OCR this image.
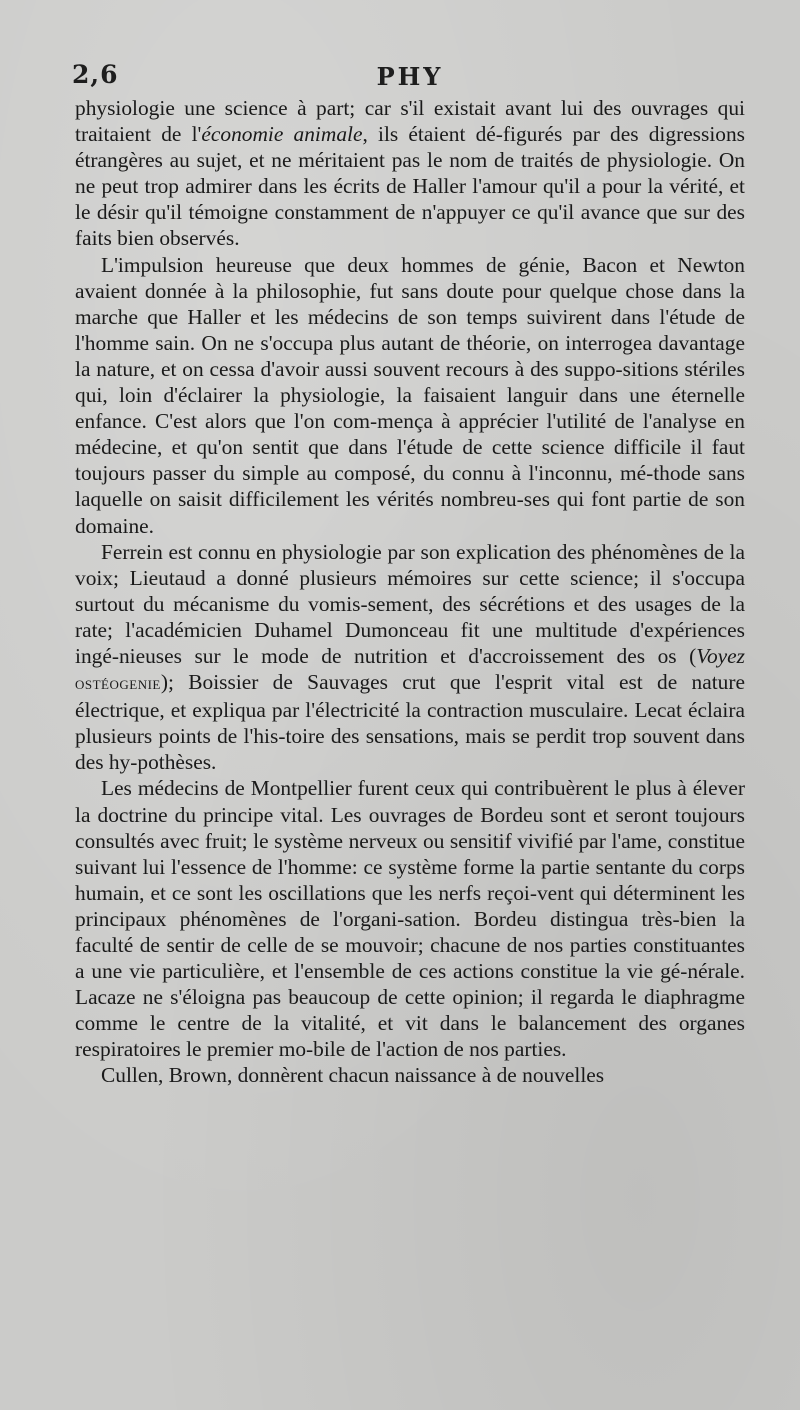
2,6	PHY

physiologie une science à part; car s'il existait avant lui des ouvrages qui traitaient de l'économie animale, ils étaient dé-figurés par des digressions étrangères au sujet, et ne méritaient pas le nom de traités de physiologie. On ne peut trop admirer dans les écrits de Haller l'amour qu'il a pour la vérité, et le désir qu'il témoigne constamment de n'appuyer ce qu'il avance que sur des faits bien observés.

L'impulsion heureuse que deux hommes de génie, Bacon et Newton avaient donnée à la philosophie, fut sans doute pour quelque chose dans la marche que Haller et les médecins de son temps suivirent dans l'étude de l'homme sain. On ne s'occupa plus autant de théorie, on interrogea davantage la nature, et on cessa d'avoir aussi souvent recours à des suppo-sitions stériles qui, loin d'éclairer la physiologie, la faisaient languir dans une éternelle enfance. C'est alors que l'on com-mença à apprécier l'utilité de l'analyse en médecine, et qu'on sentit que dans l'étude de cette science difficile il faut toujours passer du simple au composé, du connu à l'inconnu, mé-thode sans laquelle on saisit difficilement les vérités nombreu-ses qui font partie de son domaine.

Ferrein est connu en physiologie par son explication des phénomènes de la voix; Lieutaud a donné plusieurs mémoires sur cette science; il s'occupa surtout du mécanisme du vomis-sement, des sécrétions et des usages de la rate; l'académicien Duhamel Dumonceau fit une multitude d'expériences ingé-nieuses sur le mode de nutrition et d'accroissement des os (Voyez ostéogenie); Boissier de Sauvages crut que l'esprit vital est de nature électrique, et expliqua par l'électricité la contraction musculaire. Lecat éclaira plusieurs points de l'his-toire des sensations, mais se perdit trop souvent dans des hy-pothèses.

Les médecins de Montpellier furent ceux qui contribuèrent le plus à élever la doctrine du principe vital. Les ouvrages de Bordeu sont et seront toujours consultés avec fruit; le système nerveux ou sensitif vivifié par l'ame, constitue suivant lui l'essence de l'homme: ce système forme la partie sentante du corps humain, et ce sont les oscillations que les nerfs reçoi-vent qui déterminent les principaux phénomènes de l'organi-sation. Bordeu distingua très-bien la faculté de sentir de celle de se mouvoir; chacune de nos parties constituantes a une vie particulière, et l'ensemble de ces actions constitue la vie gé-nérale. Lacaze ne s'éloigna pas beaucoup de cette opinion; il regarda le diaphragme comme le centre de la vitalité, et vit dans le balancement des organes respiratoires le premier mo-bile de l'action de nos parties.

Cullen, Brown, donnèrent chacun naissance à de nouvelles
